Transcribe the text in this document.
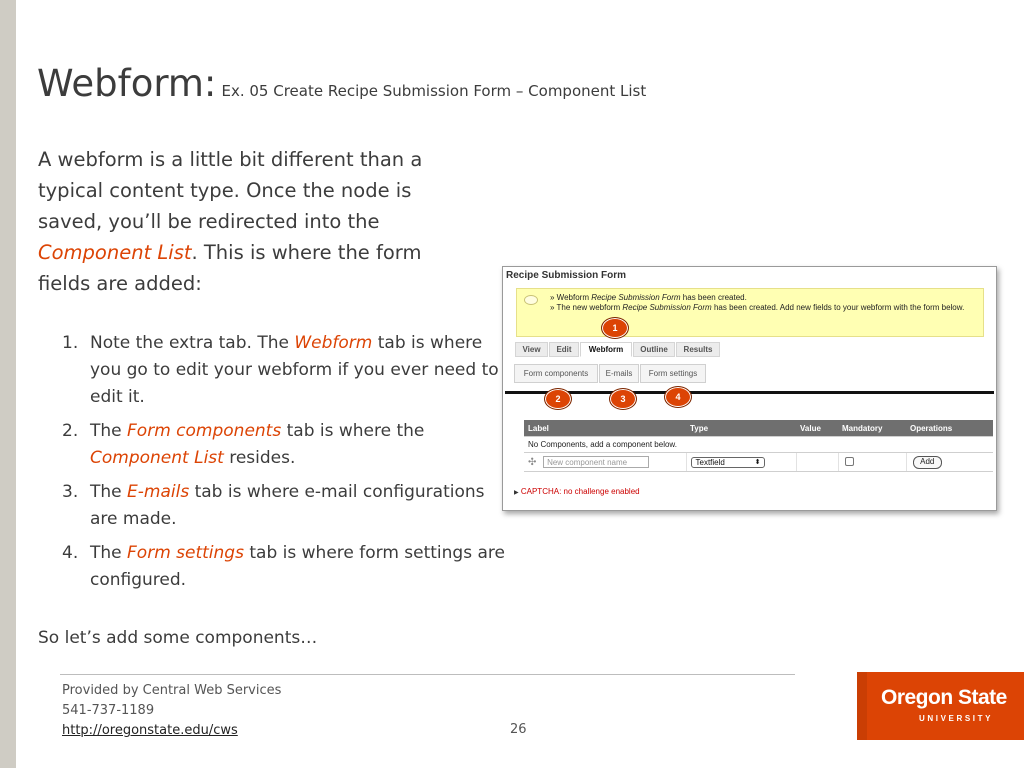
Webform: Ex. 05 Create Recipe Submission Form – Component List
A webform is a little bit different than a typical content type. Once the node is saved, you’ll be redirected into the Component List. This is where the form fields are added:
1. Note the extra tab. The Webform tab is where you go to edit your webform if you ever need to edit it.
2. The Form components tab is where the Component List resides.
3. The E-mails tab is where e-mail configurations are made.
4. The Form settings tab is where form settings are configured.
So let’s add some components…
Recipe Submission Form
» Webform Recipe Submission Form has been created.
» The new webform Recipe Submission Form has been created. Add new fields to your webform with the form below.
View	Edit	Webform	Outline	Results
Form components	E-mails	Form settings
Label	Type	Value	Mandatory	Operations
No Components, add a component below.				
✣ New component name	Textfield ⬍			Add
▶ CAPTCHA: no challenge enabled
1
2	3	4
Provided by Central Web Services
541-737-1189
http://oregonstate.edu/cws	26
Oregon State
UNIVERSITY
